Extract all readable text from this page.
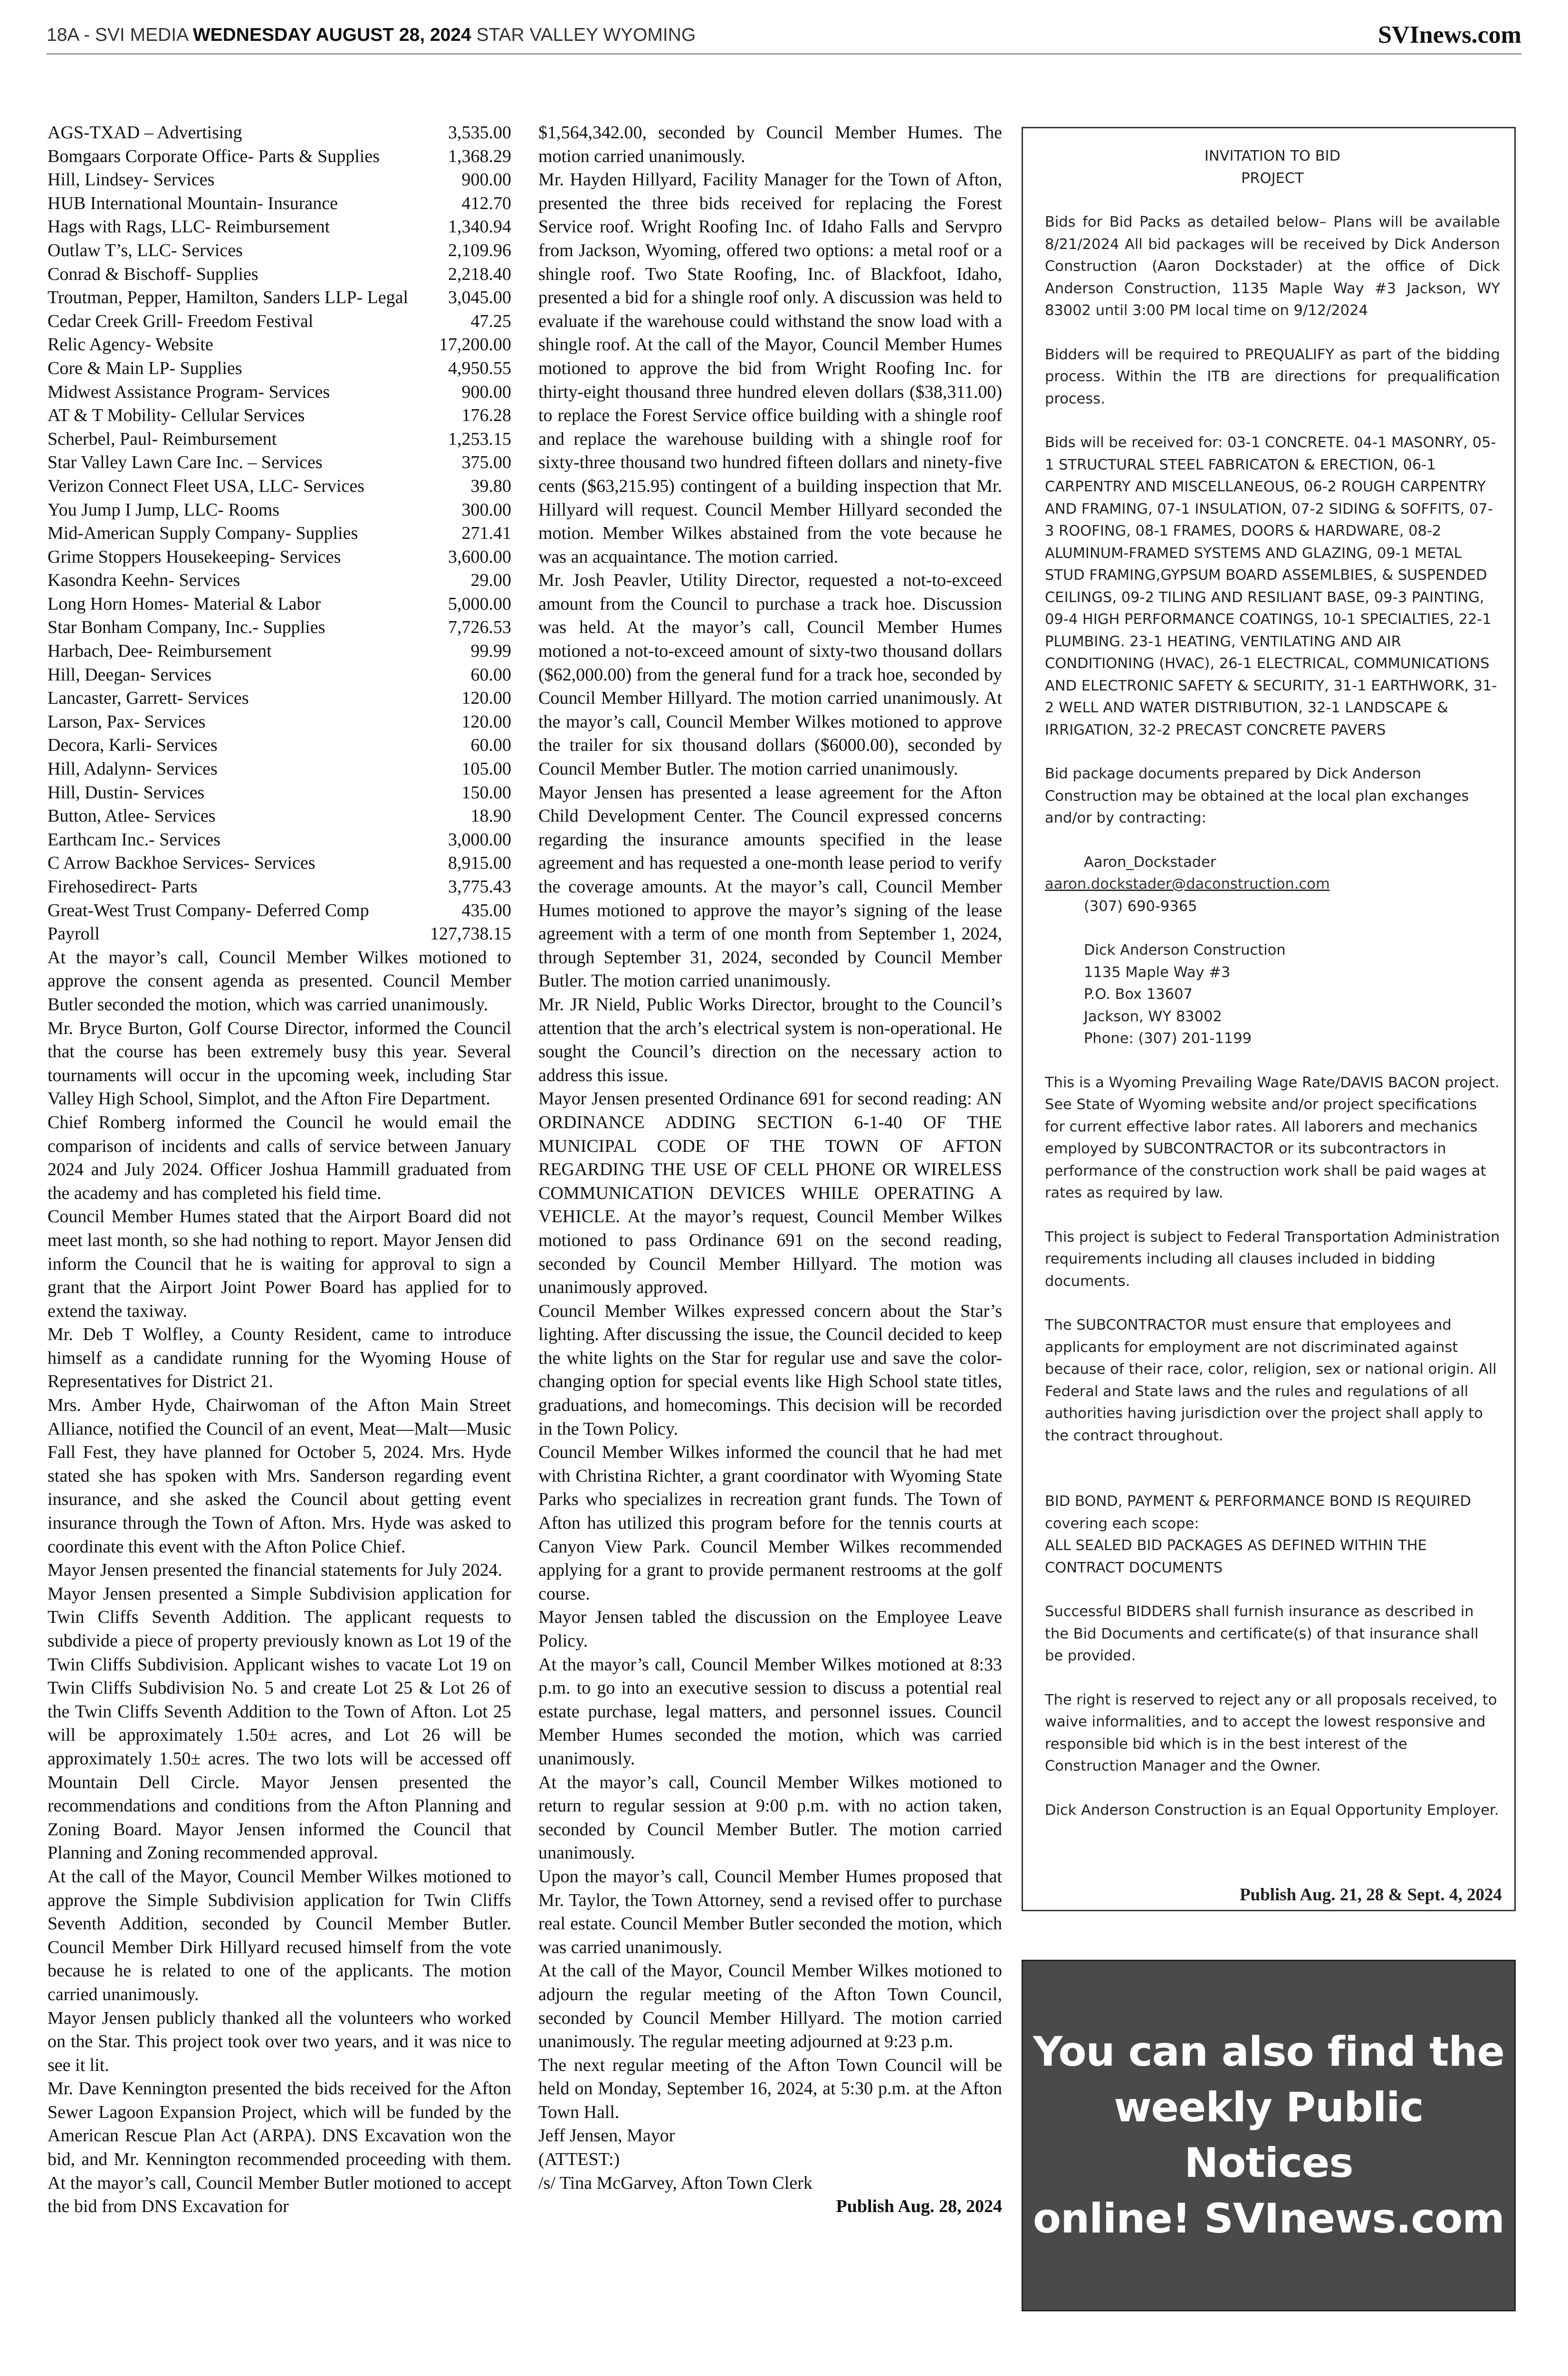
18A - SVI MEDIA WEDNESDAY AUGUST 28, 2024 STAR VALLEY WYOMING	SVInews.com
AGS-TXAD – Advertising	3,535.00
Bomgaars Corporate Office- Parts & Supplies	1,368.29
Hill, Lindsey- Services	900.00
HUB International Mountain- Insurance	412.70
Hags with Rags, LLC- Reimbursement	1,340.94
Outlaw T’s, LLC- Services	2,109.96
Conrad & Bischoff- Supplies	2,218.40
Troutman, Pepper, Hamilton, Sanders LLP- Legal 3,045.00
Cedar Creek Grill- Freedom Festival	47.25
Relic Agency- Website	17,200.00
Core & Main LP- Supplies	4,950.55
Midwest Assistance Program- Services	900.00
AT & T Mobility- Cellular Services	176.28
Scherbel, Paul- Reimbursement	1,253.15
Star Valley Lawn Care Inc. – Services	375.00
Verizon Connect Fleet USA, LLC- Services	39.80
You Jump I Jump, LLC- Rooms	300.00
Mid-American Supply Company- Supplies	271.41
Grime Stoppers Housekeeping- Services	3,600.00
Kasondra Keehn- Services	29.00
Long Horn Homes- Material & Labor	5,000.00
Star Bonham Company, Inc.- Supplies	7,726.53
Harbach, Dee- Reimbursement	99.99
Hill, Deegan- Services	60.00
Lancaster, Garrett- Services	120.00
Larson, Pax- Services	120.00
Decora, Karli- Services	60.00
Hill, Adalynn- Services	105.00
Hill, Dustin- Services	150.00
Button, Atlee- Services	18.90
Earthcam Inc.- Services	3,000.00
C Arrow Backhoe Services- Services	8,915.00
Firehosedirect- Parts	3,775.43
Great-West Trust Company- Deferred Comp	435.00
Payroll	127,738.15

At the mayor’s call, Council Member Wilkes motioned to approve the consent agenda as presented. Council Member Butler seconded the motion, which was carried unanimously.

Mr. Bryce Burton, Golf Course Director, informed the Council that the course has been extremely busy this year. Several tournaments will occur in the upcoming week, including Star Valley High School, Simplot, and the Afton Fire Department.

Chief Romberg informed the Council he would email the comparison of incidents and calls of service between January 2024 and July 2024. Officer Joshua Hammill graduated from the academy and has completed his field time.

Council Member Humes stated that the Airport Board did not meet last month, so she had nothing to report. Mayor Jensen did inform the Council that he is waiting for approval to sign a grant that the Airport Joint Power Board has applied for to extend the taxiway.

Mr. Deb T Wolfley, a County Resident, came to introduce himself as a candidate running for the Wyoming House of Representatives for District 21.

Mrs. Amber Hyde, Chairwoman of the Afton Main Street Alliance, notified the Council of an event, Meat—Malt—Music Fall Fest, they have planned for October 5, 2024. Mrs. Hyde stated she has spoken with Mrs. Sanderson regarding event insurance, and she asked the Council about getting event insurance through the Town of Afton. Mrs. Hyde was asked to coordinate this event with the Afton Police Chief.

Mayor Jensen presented the financial statements for July 2024.

Mayor Jensen presented a Simple Subdivision application for Twin Cliffs Seventh Addition. The applicant requests to subdivide a piece of property previously known as Lot 19 of the Twin Cliffs Subdivision. Applicant wishes to vacate Lot 19 on Twin Cliffs Subdivision No. 5 and create Lot 25 & Lot 26 of the Twin Cliffs Seventh Addition to the Town of Afton. Lot 25 will be approximately 1.50± acres, and Lot 26 will be approximately 1.50± acres. The two lots will be accessed off Mountain Dell Circle. Mayor Jensen presented the recommendations and conditions from the Afton Planning and Zoning Board. Mayor Jensen informed the Council that Planning and Zoning recommended approval.

At the call of the Mayor, Council Member Wilkes motioned to approve the Simple Subdivision application for Twin Cliffs Seventh Addition, seconded by Council Member Butler. Council Member Dirk Hillyard recused himself from the vote because he is related to one of the applicants. The motion carried unanimously.

Mayor Jensen publicly thanked all the volunteers who worked on the Star. This project took over two years, and it was nice to see it lit.

Mr. Dave Kennington presented the bids received for the Afton Sewer Lagoon Expansion Project, which will be funded by the American Rescue Plan Act (ARPA). DNS Excavation won the bid, and Mr. Kennington recommended proceeding with them. At the mayor’s call, Council Member Butler motioned to accept the bid from DNS Excavation for

$1,564,342.00, seconded by Council Member Humes. The motion carried unanimously.

Mr. Hayden Hillyard, Facility Manager for the Town of Afton, presented the three bids received for replacing the Forest Service roof. Wright Roofing Inc. of Idaho Falls and Servpro from Jackson, Wyoming, offered two options: a metal roof or a shingle roof. Two State Roofing, Inc. of Blackfoot, Idaho, presented a bid for a shingle roof only. A discussion was held to evaluate if the warehouse could withstand the snow load with a shingle roof. At the call of the Mayor, Council Member Humes motioned to approve the bid from Wright Roofing Inc. for thirty-eight thousand three hundred eleven dollars ($38,311.00) to replace the Forest Service office building with a shingle roof and replace the warehouse building with a shingle roof for sixty-three thousand two hundred fifteen dollars and ninety-five cents ($63,215.95) contingent of a building inspection that Mr. Hillyard will request. Council Member Hillyard seconded the motion. Member Wilkes abstained from the vote because he was an acquaintance. The motion carried.

Mr. Josh Peavler, Utility Director, requested a not-to-exceed amount from the Council to purchase a track hoe. Discussion was held. At the mayor’s call, Council Member Humes motioned a not-to-exceed amount of sixty-two thousand dollars ($62,000.00) from the general fund for a track hoe, seconded by Council Member Hillyard. The motion carried unanimously. At the mayor’s call, Council Member Wilkes motioned to approve the trailer for six thousand dollars ($6000.00), seconded by Council Member Butler. The motion carried unanimously.

Mayor Jensen has presented a lease agreement for the Afton Child Development Center. The Council expressed concerns regarding the insurance amounts specified in the lease agreement and has requested a one-month lease period to verify the coverage amounts. At the mayor’s call, Council Member Humes motioned to approve the mayor’s signing of the lease agreement with a term of one month from September 1, 2024, through September 31, 2024, seconded by Council Member Butler. The motion carried unanimously.

Mr. JR Nield, Public Works Director, brought to the Council’s attention that the arch’s electrical system is non-operational. He sought the Council’s direction on the necessary action to address this issue.

Mayor Jensen presented Ordinance 691 for second reading: AN ORDINANCE ADDING SECTION 6-1-40 OF THE MUNICIPAL CODE OF THE TOWN OF AFTON REGARDING THE USE OF CELL PHONE OR WIRELESS COMMUNICATION DEVICES WHILE OPERATING A VEHICLE. At the mayor’s request, Council Member Wilkes motioned to pass Ordinance 691 on the second reading, seconded by Council Member Hillyard. The motion was unanimously approved.

Council Member Wilkes expressed concern about the Star’s lighting. After discussing the issue, the Council decided to keep the white lights on the Star for regular use and save the color-changing option for special events like High School state titles, graduations, and homecomings. This decision will be recorded in the Town Policy.

Council Member Wilkes informed the council that he had met with Christina Richter, a grant coordinator with Wyoming State Parks who specializes in recreation grant funds. The Town of Afton has utilized this program before for the tennis courts at Canyon View Park. Council Member Wilkes recommended applying for a grant to provide permanent restrooms at the golf course.

Mayor Jensen tabled the discussion on the Employee Leave Policy.

At the mayor’s call, Council Member Wilkes motioned at 8:33 p.m. to go into an executive session to discuss a potential real estate purchase, legal matters, and personnel issues. Council Member Humes seconded the motion, which was carried unanimously.

At the mayor’s call, Council Member Wilkes motioned to return to regular session at 9:00 p.m. with no action taken, seconded by Council Member Butler. The motion carried unanimously.

Upon the mayor’s call, Council Member Humes proposed that Mr. Taylor, the Town Attorney, send a revised offer to purchase real estate. Council Member Butler seconded the motion, which was carried unanimously.

At the call of the Mayor, Council Member Wilkes motioned to adjourn the regular meeting of the Afton Town Council, seconded by Council Member Hillyard. The motion carried unanimously. The regular meeting adjourned at 9:23 p.m.

The next regular meeting of the Afton Town Council will be held on Monday, September 16, 2024, at 5:30 p.m. at the Afton Town Hall.

Jeff Jensen, Mayor

(ATTEST:)

/s/ Tina McGarvey, Afton Town Clerk

Publish Aug. 28, 2024
INVITATION TO BID
PROJECT

Bids for Bid Packs as detailed below– Plans will be available 8/21/2024 All bid packages will be received by Dick Anderson Construction (Aaron Dockstader) at the office of Dick Anderson Construction, 1135 Maple Way #3 Jackson, WY 83002 until 3:00 PM local time on 9/12/2024

Bidders will be required to PREQUALIFY as part of the bidding process. Within the ITB are directions for prequalification process.

Bids will be received for: 03-1 CONCRETE. 04-1 MASONRY, 05-1 STRUCTURAL STEEL FABRICATON & ERECTION, 06-1 CARPENTRY AND MISCELLANEOUS, 06-2 ROUGH CARPENTRY AND FRAMING, 07-1 INSULATION, 07-2 SIDING & SOFFITS, 07-3 ROOFING, 08-1 FRAMES, DOORS & HARDWARE, 08-2 ALUMINUM-FRAMED SYSTEMS AND GLAZING, 09-1 METAL STUD FRAMING,GYPSUM BOARD ASSEMLBIES, & SUSPENDED CEILINGS, 09-2 TILING AND RESILIANT BASE, 09-3 PAINTING, 09-4 HIGH PERFORMANCE COATINGS, 10-1 SPECIALTIES, 22-1 PLUMBING. 23-1 HEATING, VENTILATING AND AIR CONDITIONING (HVAC), 26-1 ELECTRICAL, COMMUNICATIONS AND ELECTRONIC SAFETY & SECURITY, 31-1 EARTHWORK, 31-2 WELL AND WATER DISTRIBUTION, 32-1 LANDSCAPE & IRRIGATION, 32-2 PRECAST CONCRETE PAVERS

Bid package documents prepared by Dick Anderson Construction may be obtained at the local plan exchanges and/or by contracting:

Aaron_Dockstader

aaron.dockstader@daconstruction.com

(307) 690-9365

Dick Anderson Construction

1135 Maple Way #3

P.O. Box 13607

Jackson, WY 83002

Phone: (307) 201-1199

This is a Wyoming Prevailing Wage Rate/DAVIS BACON project. See State of Wyoming website and/or project specifications for current effective labor rates. All laborers and mechanics employed by SUBCONTRACTOR or its subcontractors in performance of the construction work shall be paid wages at rates as required by law.

This project is subject to Federal Transportation Administration requirements including all clauses included in bidding documents.

The SUBCONTRACTOR must ensure that employees and applicants for employment are not discriminated against because of their race, color, religion, sex or national origin. All Federal and State laws and the rules and regulations of all authorities having jurisdiction over the project shall apply to the contract throughout.

BID BOND, PAYMENT & PERFORMANCE BOND IS REQUIRED covering each scope:

ALL SEALED BID PACKAGES AS DEFINED WITHIN THE CONTRACT DOCUMENTS

Successful BIDDERS shall furnish insurance as described in the Bid Documents and certificate(s) of that insurance shall be provided.

The right is reserved to reject any or all proposals received, to waive informalities, and to accept the lowest responsive and responsible bid which is in the best interest of the Construction Manager and the Owner.

Dick Anderson Construction is an Equal Opportunity Employer.

Publish Aug. 21, 28 & Sept. 4, 2024
You can also find the
weekly Public Notices
online! SVInews.com
